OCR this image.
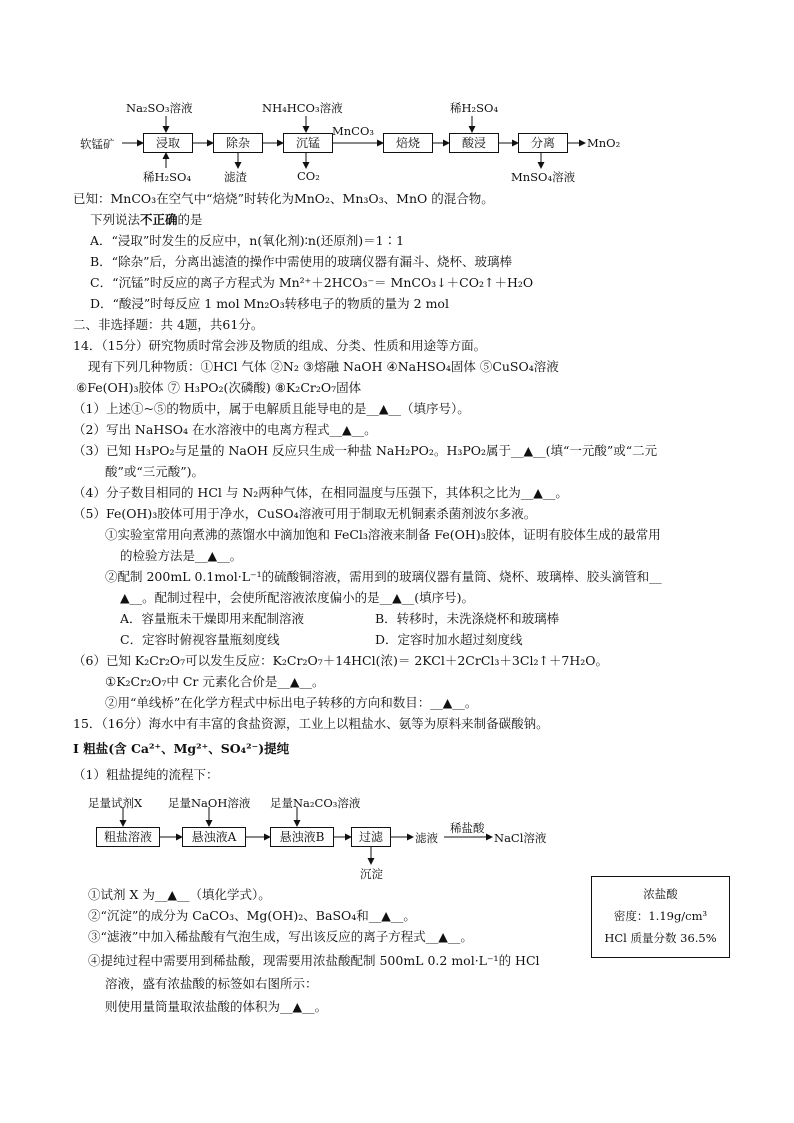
软锰矿	浸取	除杂	沉锰	焙烧	酸浸	分离
Na₂SO₃溶液	NH₄HCO₃溶液	稀H₂SO₄
MnCO₃
MnO₂
稀H₂SO₄	滤渣	CO₂	MnSO₄溶液
已知：MnCO₃在空气中“焙烧”时转化为MnO₂、Mn₃O₃、MnO 的混合物。
下列说法不正确的是
A．“浸取”时发生的反应中，n(氧化剂)∶n(还原剂)＝1∶1
B．“除杂”后，分离出滤渣的操作中需使用的玻璃仪器有漏斗、烧杯、玻璃棒
C．“沉锰”时反应的离子方程式为 Mn²⁺＋2HCO₃⁻＝ MnCO₃↓＋CO₂↑＋H₂O
D．“酸浸”时每反应 1 mol Mn₂O₃转移电子的物质的量为 2 mol
二、非选择题：共 4题，共61分。
14．（15分）研究物质时常会涉及物质的组成、分类、性质和用途等方面。
现有下列几种物质：①HCl 气体 ②N₂ ③熔融 NaOH ④NaHSO₄固体 ⑤CuSO₄溶液
⑥Fe(OH)₃胶体 ⑦ H₃PO₂(次磷酸) ⑧K₂Cr₂O₇固体
（1）上述①~⑤的物质中，属于电解质且能导电的是__▲__（填序号）。
（2）写出 NaHSO₄ 在水溶液中的电离方程式__▲__。
（3）已知 H₃PO₂与足量的 NaOH 反应只生成一种盐 NaH₂PO₂。H₃PO₂属于__▲__(填“一元酸”或“二元
酸”或“三元酸”)。
（4）分子数目相同的 HCl 与 N₂两种气体，在相同温度与压强下，其体积之比为__▲__。
（5）Fe(OH)₃胶体可用于净水，CuSO₄溶液可用于制取无机铜素杀菌剂波尔多液。
①实验室常用向煮沸的蒸馏水中滴加饱和 FeCl₃溶液来制备 Fe(OH)₃胶体，证明有胶体生成的最常用
的检验方法是__▲__。
②配制 200mL 0.1mol·L⁻¹的硫酸铜溶液，需用到的玻璃仪器有量筒、烧杯、玻璃棒、胶头滴管和__
▲__。配制过程中，会使所配溶液浓度偏小的是__▲__(填序号)。
A．容量瓶未干燥即用来配制溶液	B．转移时，未洗涤烧杯和玻璃棒
C．定容时俯视容量瓶刻度线	D．定容时加水超过刻度线
（6）已知 K₂Cr₂O₇可以发生反应：K₂Cr₂O₇＋14HCl(浓)＝ 2KCl＋2CrCl₃＋3Cl₂↑＋7H₂O。
①K₂Cr₂O₇中 Cr 元素化合价是__▲__。
②用“单线桥”在化学方程式中标出电子转移的方向和数目：__▲__。
15．（16分）海水中有丰富的食盐资源，工业上以粗盐水、氨等为原料来制备碳酸钠。
I 粗盐(含 Ca²⁺、Mg²⁺、SO₄²⁻)提纯
（1）粗盐提纯的流程下：
足量试剂X 足量NaOH溶液 足量Na₂CO₃溶液
粗盐溶液	悬浊液A	悬浊液B	过滤	滤液
稀盐酸
NaCl溶液
沉淀
①试剂 X 为__▲__（填化学式）。
②“沉淀”的成分为 CaCO₃、Mg(OH)₂、BaSO₄和__▲__。
③“滤液”中加入稀盐酸有气泡生成，写出该反应的离子方程式__▲__。
④提纯过程中需要用到稀盐酸，现需要用浓盐酸配制 500mL 0.2 mol·L⁻¹的 HCl
溶液，盛有浓盐酸的标签如右图所示：
则使用量筒量取浓盐酸的体积为__▲__。
浓盐酸
密度：1.19g/cm³
HCl 质量分数 36.5%
